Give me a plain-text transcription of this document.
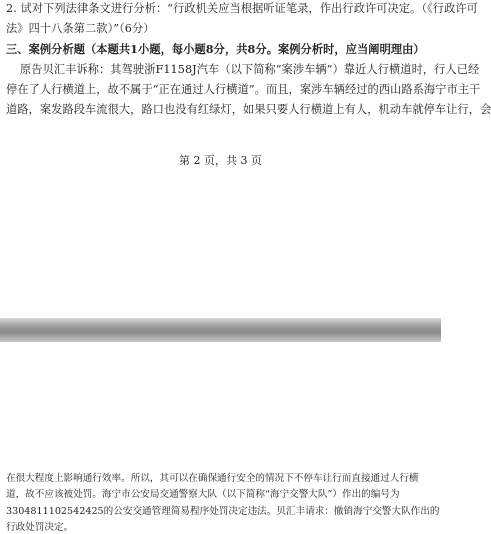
2. 试对下列法律条文进行分析：“行政机关应当根据听证笔录，作出行政许可决定。（《行政许可
法》四十八条第二款）”（6分）
三、案例分析题（本题共1小题，每小题8分，共8分。案例分析时，应当阐明理由）
原告贝汇丰诉称：其驾驶浙F1158J汽车（以下简称“案涉车辆”）靠近人行横道时，行人已经
停在了人行横道上，故不属于“正在通过人行横道”。而且，案涉车辆经过的西山路系海宁市主干
道路，案发路段车流很大，路口也没有红绿灯，如果只要人行横道上有人，机动车就停车让行，会
第 2 页，共 3 页
在很大程度上影响通行效率。所以，其可以在确保通行安全的情况下不停车让行而直接通过人行横
道，故不应该被处罚。海宁市公安局交通警察大队（以下简称“海宁交警大队”）作出的编号为
3304811102542425的公安交通管理简易程序处罚决定违法。贝汇丰请求：撤销海宁交警大队作出的
行政处罚决定。
